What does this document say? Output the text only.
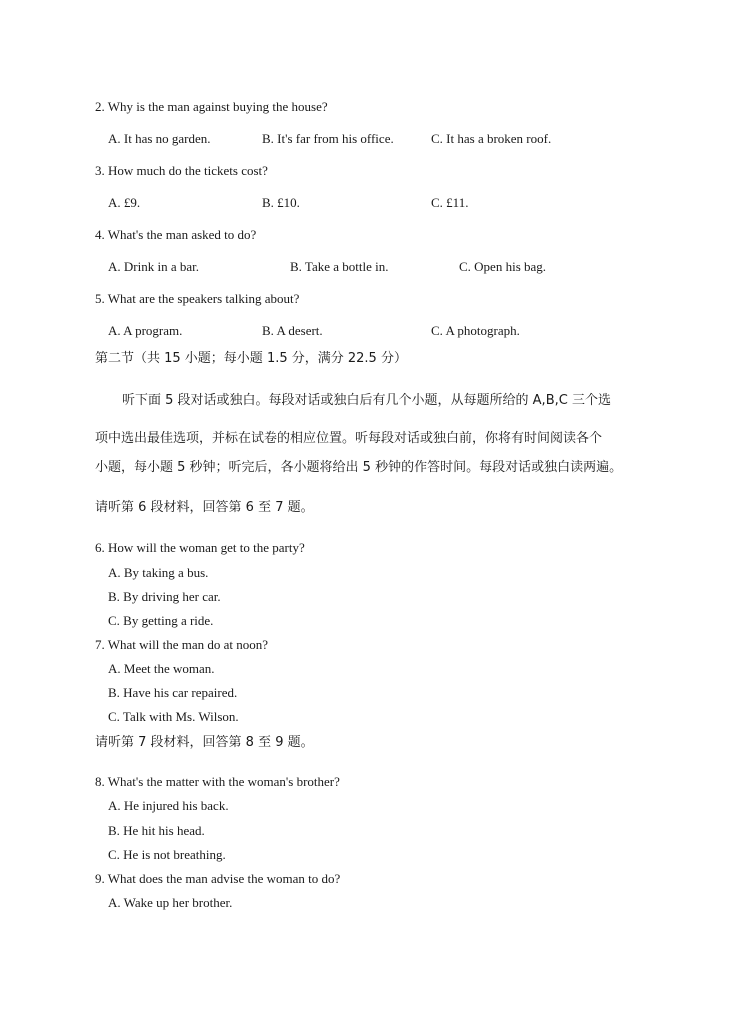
2. Why is the man against buying the house?
A. It has no garden.	B. It's far from his office.	C. It has a broken roof.
3. How much do the tickets cost?
A. £9.	B. £10.	C. £11.
4. What's the man asked to do?
A. Drink in a bar.	B. Take a bottle in.	C. Open his bag.
5. What are the speakers talking about?
A. A program.	B. A desert.	C. A photograph.
第二节（共 15 小题；每小题 1.5 分，满分 22.5 分）
听下面 5 段对话或独白。每段对话或独白后有几个小题，从每题所给的 A,B,C 三个选
项中选出最佳选项，并标在试卷的相应位置。听每段对话或独白前，你将有时间阅读各个
小题，每小题 5 秒钟；听完后，各小题将给出 5 秒钟的作答时间。每段对话或独白读两遍。
请听第 6 段材料，回答第 6 至 7 题。
6. How will the woman get to the party?
A. By taking a bus.
B. By driving her car.
C. By getting a ride.
7. What will the man do at noon?
A. Meet the woman.
B. Have his car repaired.
C. Talk with Ms. Wilson.
请听第 7 段材料，回答第 8 至 9 题。
8. What's the matter with the woman's brother?
A. He injured his back.
B. He hit his head.
C. He is not breathing.
9. What does the man advise the woman to do?
A. Wake up her brother.
